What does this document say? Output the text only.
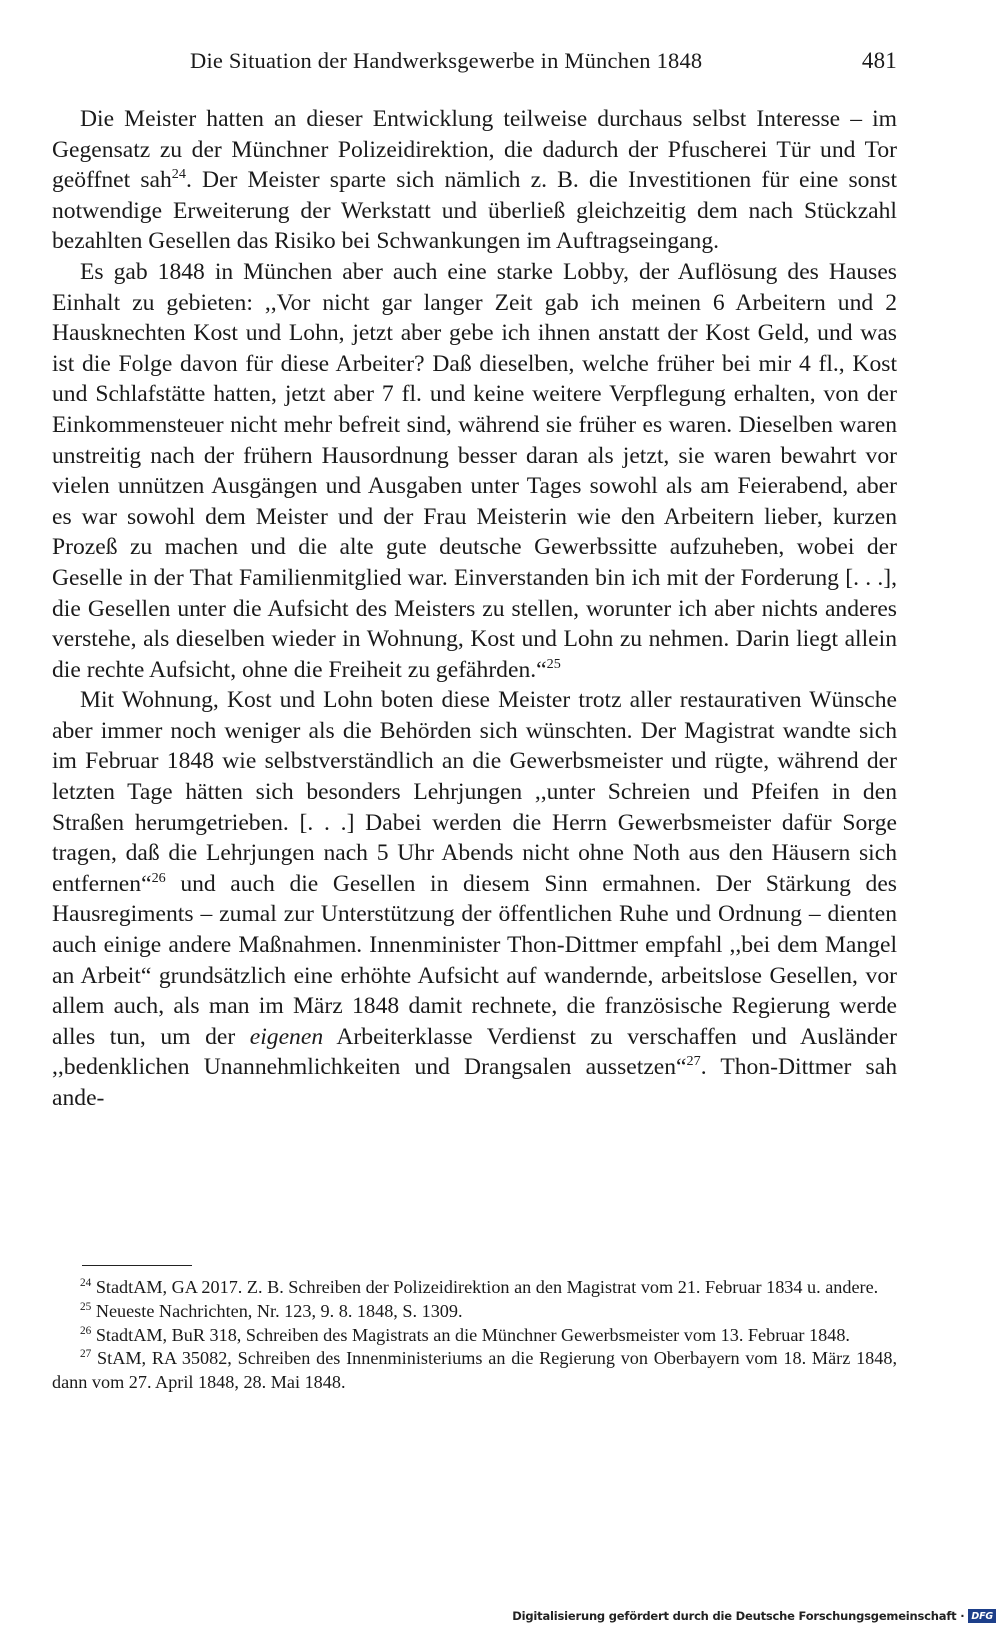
Die Situation der Handwerksgewerbe in München 1848	481

Die Meister hatten an dieser Entwicklung teilweise durchaus selbst Interesse – im Gegensatz zu der Münchner Polizeidirektion, die dadurch der Pfuscherei Tür und Tor geöffnet sah$^{24}$. Der Meister sparte sich nämlich z. B. die Investitionen für eine sonst notwendige Erweiterung der Werkstatt und überließ gleichzeitig dem nach Stückzahl bezahlten Gesellen das Risiko bei Schwankungen im Auftragseingang.

Es gab 1848 in München aber auch eine starke Lobby, der Auflösung des Hauses Einhalt zu gebieten: ,,Vor nicht gar langer Zeit gab ich meinen 6 Arbeitern und 2 Hausknechten Kost und Lohn, jetzt aber gebe ich ihnen anstatt der Kost Geld, und was ist die Folge davon für diese Arbeiter? Daß dieselben, welche früher bei mir 4 fl., Kost und Schlafstätte hatten, jetzt aber 7 fl. und keine weitere Verpflegung erhalten, von der Einkommensteuer nicht mehr befreit sind, während sie früher es waren. Dieselben waren unstreitig nach der frühern Hausordnung besser daran als jetzt, sie waren bewahrt vor vielen unnützen Ausgängen und Ausgaben unter Tages sowohl als am Feierabend, aber es war sowohl dem Meister und der Frau Meisterin wie den Arbeitern lieber, kurzen Prozeß zu machen und die alte gute deutsche Gewerbssitte aufzuheben, wobei der Geselle in der That Familienmitglied war. Einverstanden bin ich mit der Forderung [. . .], die Gesellen unter die Aufsicht des Meisters zu stellen, worunter ich aber nichts anderes verstehe, als dieselben wieder in Wohnung, Kost und Lohn zu nehmen. Darin liegt allein die rechte Aufsicht, ohne die Freiheit zu gefährden.“$^{25}$

Mit Wohnung, Kost und Lohn boten diese Meister trotz aller restaurativen Wünsche aber immer noch weniger als die Behörden sich wünschten. Der Magistrat wandte sich im Februar 1848 wie selbstverständlich an die Gewerbsmeister und rügte, während der letzten Tage hätten sich besonders Lehrjungen ,,unter Schreien und Pfeifen in den Straßen herumgetrieben. [. . .] Dabei werden die Herrn Gewerbsmeister dafür Sorge tragen, daß die Lehrjungen nach 5 Uhr Abends nicht ohne Noth aus den Häusern sich entfernen“$^{26}$ und auch die Gesellen in diesem Sinn ermahnen. Der Stärkung des Hausregiments – zumal zur Unterstützung der öffentlichen Ruhe und Ordnung – dienten auch einige andere Maßnahmen. Innenminister Thon-Dittmer empfahl ,,bei dem Mangel an Arbeit“ grundsätzlich eine erhöhte Aufsicht auf wandernde, arbeitslose Gesellen, vor allem auch, als man im März 1848 damit rechnete, die französische Regierung werde alles tun, um der eigenen Arbeiterklasse Verdienst zu verschaffen und Ausländer ,,bedenklichen Unannehmlichkeiten und Drangsalen aussetzen“$^{27}$. Thon-Dittmer sah ande-

$^{24}$ StadtAM, GA 2017. Z. B. Schreiben der Polizeidirektion an den Magistrat vom 21. Februar 1834 u. andere.

$^{25}$ Neueste Nachrichten, Nr. 123, 9. 8. 1848, S. 1309.

$^{26}$ StadtAM, BuR 318, Schreiben des Magistrats an die Münchner Gewerbsmeister vom 13. Februar 1848.

$^{27}$ StAM, RA 35082, Schreiben des Innenministeriums an die Regierung von Oberbayern vom 18. März 1848, dann vom 27. April 1848, 28. Mai 1848.

Digitalisierung gefördert durch die Deutsche Forschungsgemeinschaft · DFG
